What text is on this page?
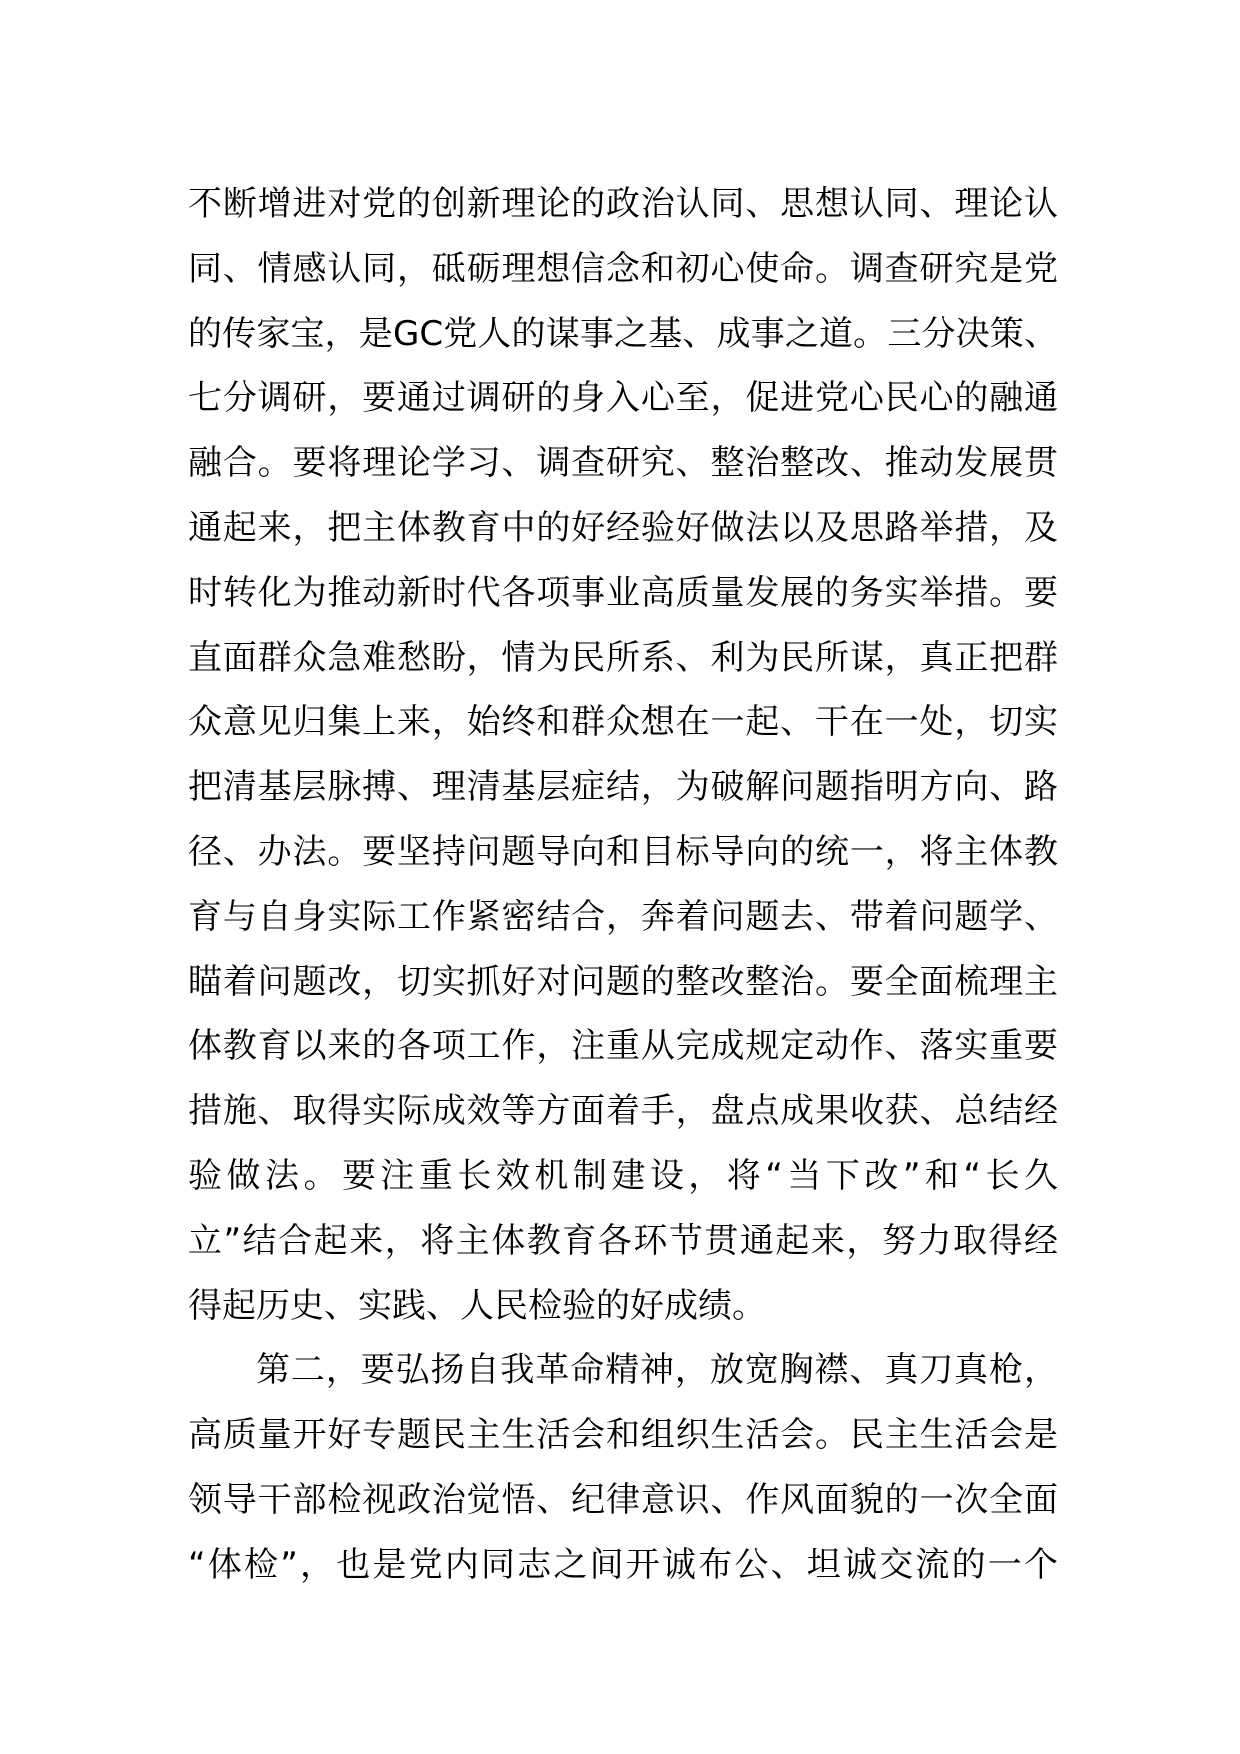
不断增进对党的创新理论的政治认同、思想认同、理论认
同、情感认同，砥砺理想信念和初心使命。调查研究是党
的传家宝，是GC党人的谋事之基、成事之道。三分决策、
七分调研，要通过调研的身入心至，促进党心民心的融通
融合。要将理论学习、调查研究、整治整改、推动发展贯
通起来，把主体教育中的好经验好做法以及思路举措，及
时转化为推动新时代各项事业高质量发展的务实举措。要
直面群众急难愁盼，情为民所系、利为民所谋，真正把群
众意见归集上来，始终和群众想在一起、干在一处，切实
把清基层脉搏、理清基层症结，为破解问题指明方向、路
径、办法。要坚持问题导向和目标导向的统一，将主体教
育与自身实际工作紧密结合，奔着问题去、带着问题学、
瞄着问题改，切实抓好对问题的整改整治。要全面梳理主
体教育以来的各项工作，注重从完成规定动作、落实重要
措施、取得实际成效等方面着手，盘点成果收获、总结经
验做法。要注重长效机制建设，将“当下改”和“长久
立”结合起来，将主体教育各环节贯通起来，努力取得经
得起历史、实践、人民检验的好成绩。
第二，要弘扬自我革命精神，放宽胸襟、真刀真枪，
高质量开好专题民主生活会和组织生活会。民主生活会是
领导干部检视政治觉悟、纪律意识、作风面貌的一次全面
“体检”，也是党内同志之间开诚布公、坦诚交流的一个
